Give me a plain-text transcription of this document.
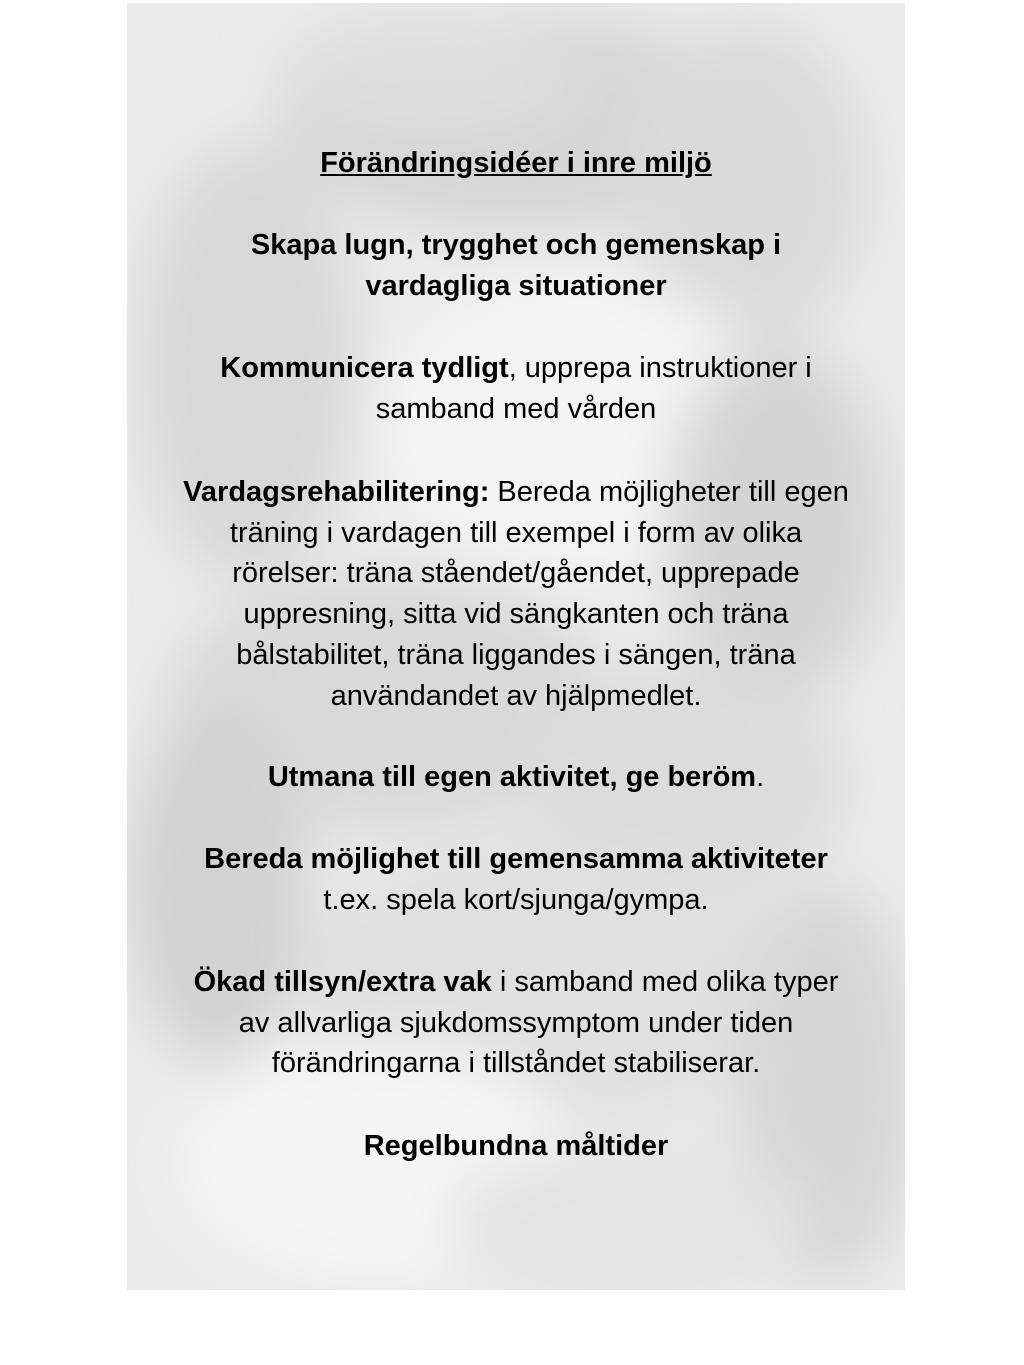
Förändringsidéer i inre miljö

Skapa lugn, trygghet och gemenskap i
vardagliga situationer

Kommunicera tydligt, upprepa instruktioner i
samband med vården

Vardagsrehabilitering: Bereda möjligheter till egen
träning i vardagen till exempel i form av olika
rörelser: träna ståendet/gåendet, upprepade
uppresning, sitta vid sängkanten och träna
bålstabilitet, träna liggandes i sängen, träna
användandet av hjälpmedlet.

Utmana till egen aktivitet, ge beröm.

Bereda möjlighet till gemensamma aktiviteter
t.ex. spela kort/sjunga/gympa.

Ökad tillsyn/extra vak i samband med olika typer
av allvarliga sjukdomssymptom under tiden
förändringarna i tillståndet stabiliserar.

Regelbundna måltider
